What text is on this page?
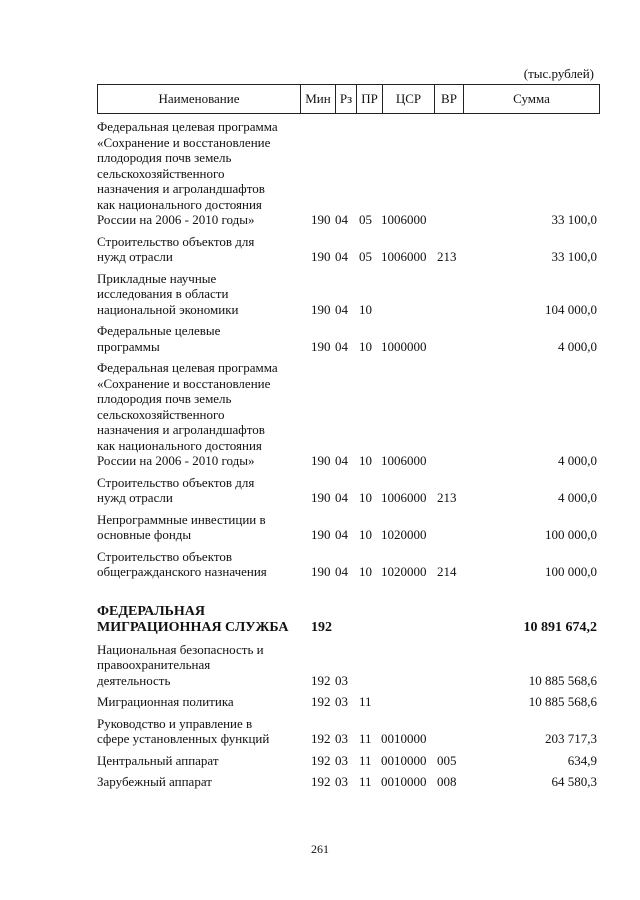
(тыс.рублей)
Наименование	Мин Рз ПР	ЦСР	ВР	Сумма
Федеральная целевая программа
«Сохранение и восстановление
плодородия почв земель
сельскохозяйственного
назначения и агроландшафтов
как национального достояния
России на 2006 - 2010 годы»	190 04 05 1006000	33 100,0
Строительство объектов для
нужд отрасли	190 04 05 1006000 213	33 100,0
Прикладные научные
исследования в области
национальной экономики	190 04 10	104 000,0
Федеральные целевые
программы	190 04 10 1000000	4 000,0
Федеральная целевая программа
«Сохранение и восстановление
плодородия почв земель
сельскохозяйственного
назначения и агроландшафтов
как национального достояния
России на 2006 - 2010 годы»	190 04 10 1006000	4 000,0
Строительство объектов для
нужд отрасли	190 04 10 1006000 213	4 000,0
Непрограммные инвестиции в
основные фонды	190 04 10 1020000	100 000,0
Строительство объектов
общегражданского назначения	190 04 10 1020000 214	100 000,0
ФЕДЕРАЛЬНАЯ
МИГРАЦИОННАЯ СЛУЖБА	192	10 891 674,2
Национальная безопасность и
правоохранительная
деятельность	192 03	10 885 568,6
Миграционная политика	192 03 11	10 885 568,6
Руководство и управление в
сфере установленных функций	192 03 11 0010000	203 717,3
Центральный аппарат	192 03 11 0010000 005	634,9
Зарубежный аппарат	192 03 11 0010000 008	64 580,3
261
